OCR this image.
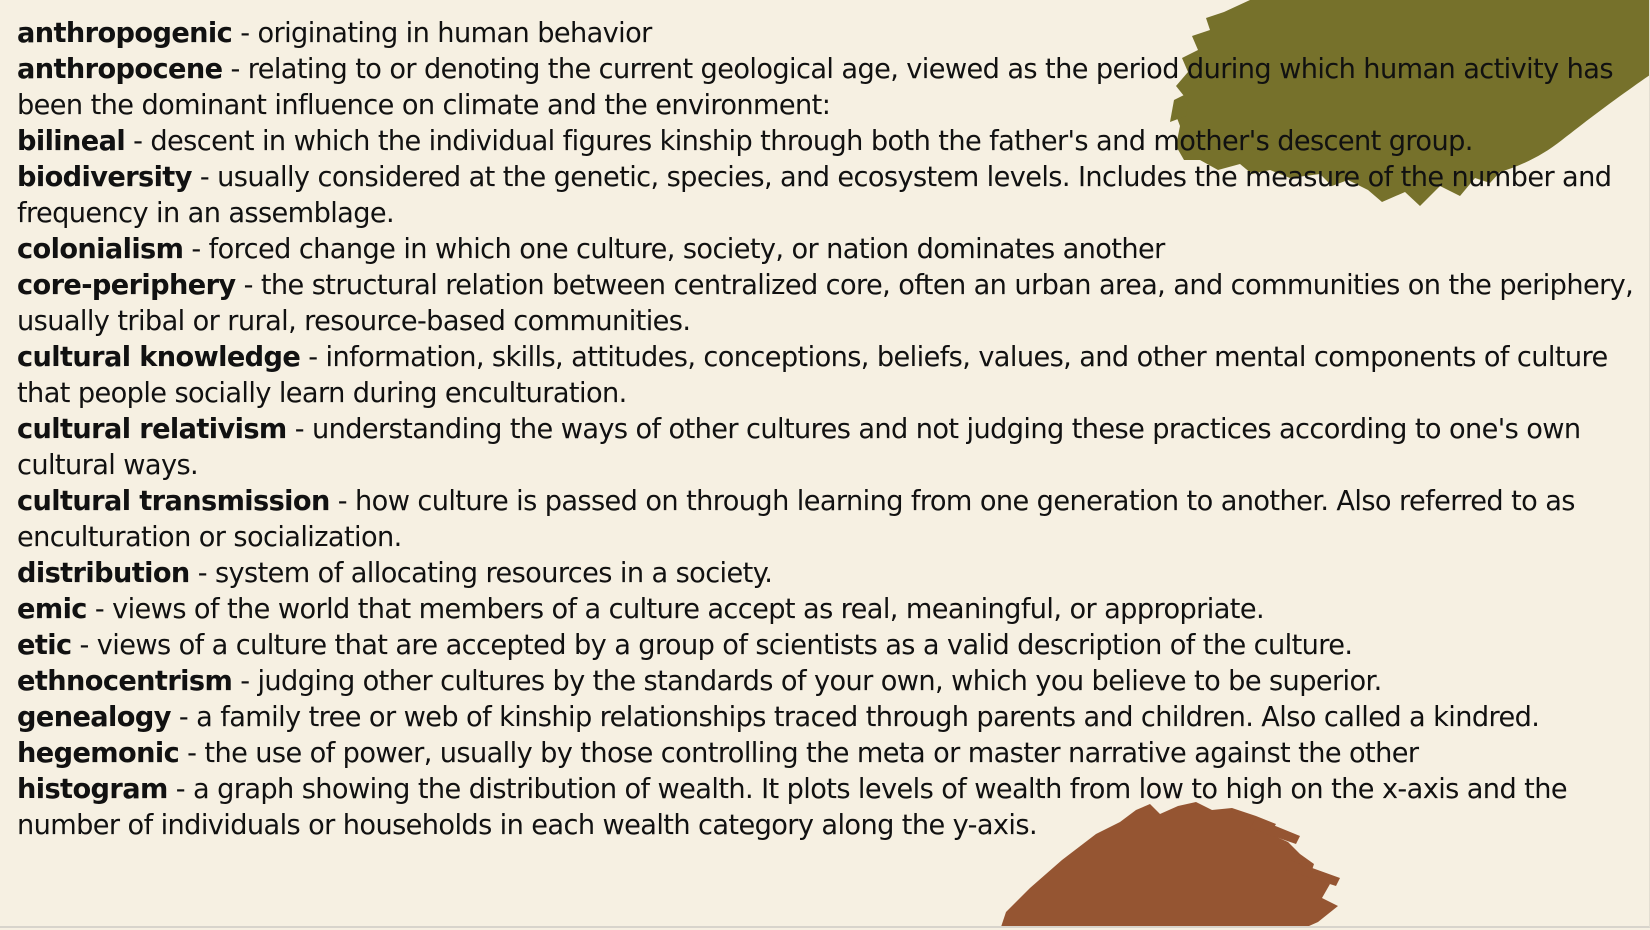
anthropogenic - originating in human behavior
anthropocene - relating to or denoting the current geological age, viewed as the period during which human activity has been the dominant influence on climate and the environment:
bilineal - descent in which the individual figures kinship through both the father's and mother's descent group.
biodiversity - usually considered at the genetic, species, and ecosystem levels. Includes the measure of the number and frequency in an assemblage.
colonialism - forced change in which one culture, society, or nation dominates another
core-periphery - the structural relation between centralized core, often an urban area, and communities on the periphery, usually tribal or rural, resource-based communities.
cultural knowledge - information, skills, attitudes, conceptions, beliefs, values, and other mental components of culture that people socially learn during enculturation.
cultural relativism - understanding the ways of other cultures and not judging these practices according to one's own cultural ways.
cultural transmission - how culture is passed on through learning from one generation to another. Also referred to as enculturation or socialization.
distribution - system of allocating resources in a society.
emic - views of the world that members of a culture accept as real, meaningful, or appropriate.
etic - views of a culture that are accepted by a group of scientists as a valid description of the culture.
ethnocentrism - judging other cultures by the standards of your own, which you believe to be superior.
genealogy - a family tree or web of kinship relationships traced through parents and children. Also called a kindred.
hegemonic - the use of power, usually by those controlling the meta or master narrative against the other
histogram - a graph showing the distribution of wealth. It plots levels of wealth from low to high on the x-axis and the number of individuals or households in each wealth category along the y-axis.
